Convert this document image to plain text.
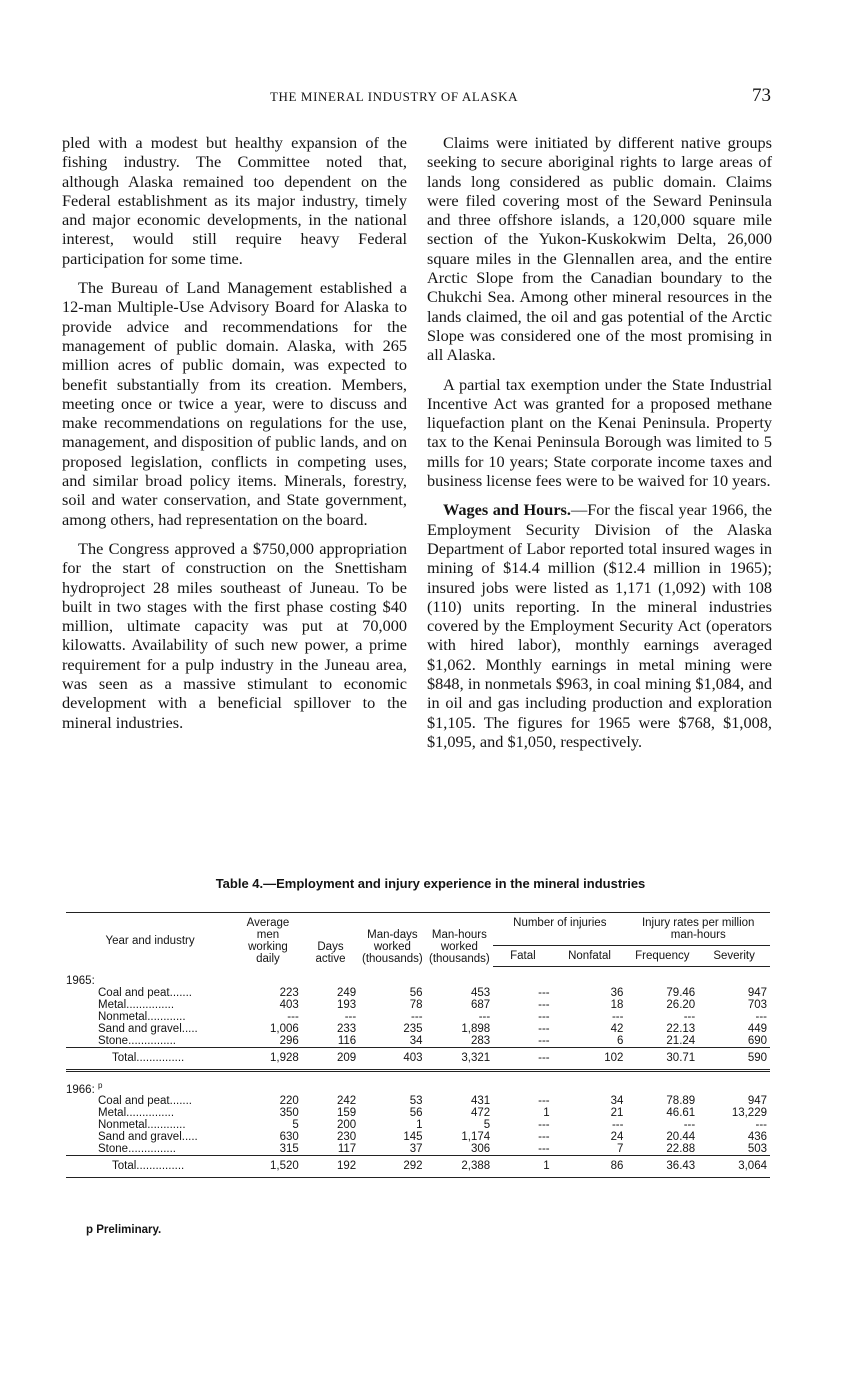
THE MINERAL INDUSTRY OF ALASKA	73

pled with a modest but healthy expansion of the fishing industry. The Committee noted that, although Alaska remained too dependent on the Federal establishment as its major industry, timely and major economic developments, in the national interest, would still require heavy Federal participation for some time.

The Bureau of Land Management established a 12-man Multiple-Use Advisory Board for Alaska to provide advice and recommendations for the management of public domain. Alaska, with 265 million acres of public domain, was expected to benefit substantially from its creation. Members, meeting once or twice a year, were to discuss and make recommendations on regulations for the use, management, and disposition of public lands, and on proposed legislation, conflicts in competing uses, and similar broad policy items. Minerals, forestry, soil and water conservation, and State government, among others, had representation on the board.

The Congress approved a $750,000 appropriation for the start of construction on the Snettisham hydroproject 28 miles southeast of Juneau. To be built in two stages with the first phase costing $40 million, ultimate capacity was put at 70,000 kilowatts. Availability of such new power, a prime requirement for a pulp industry in the Juneau area, was seen as a massive stimulant to economic development with a beneficial spillover to the mineral industries.

Claims were initiated by different native groups seeking to secure aboriginal rights to large areas of lands long considered as public domain. Claims were filed covering most of the Seward Peninsula and three offshore islands, a 120,000 square mile section of the Yukon-Kuskokwim Delta, 26,000 square miles in the Glennallen area, and the entire Arctic Slope from the Canadian boundary to the Chukchi Sea. Among other mineral resources in the lands claimed, the oil and gas potential of the Arctic Slope was considered one of the most promising in all Alaska.

A partial tax exemption under the State Industrial Incentive Act was granted for a proposed methane liquefaction plant on the Kenai Peninsula. Property tax to the Kenai Peninsula Borough was limited to 5 mills for 10 years; State corporate income taxes and business license fees were to be waived for 10 years.

Wages and Hours.—For the fiscal year 1966, the Employment Security Division of the Alaska Department of Labor reported total insured wages in mining of $14.4 million ($12.4 million in 1965); insured jobs were listed as 1,171 (1,092) with 108 (110) units reporting. In the mineral industries covered by the Employment Security Act (operators with hired labor), monthly earnings averaged $1,062. Monthly earnings in metal mining were $848, in nonmetals $963, in coal mining $1,084, and in oil and gas including production and exploration $1,105. The figures for 1965 were $768, $1,008, $1,095, and $1,050, respectively.

Table 4.—Employment and injury experience in the mineral industries
Year and industry	Average men working daily	Days active	Man-days worked (thousands)	Man-hours worked (thousands)	Number of injuries		Injury rates per million man-hours	
					Fatal	Nonfatal	Frequency	Severity
1965:								
Coal and peat.......	223	249	56	453	---	36	79.46	947
Metal...............	403	193	78	687	---	18	26.20	703
Nonmetal............	---	---	---	---	---	---	---	---
Sand and gravel.....	1,006	233	235	1,898	---	42	22.13	449
Stone...............	296	116	34	283	---	6	21.24	690
Total...............	1,928	209	403	3,321	---	102	30.71	590
1966: $^p$
Coal and peat.......	220	242	53	431	---	34	78.89	947
Metal...............	350	159	56	472	1	21	46.61	13,229
Nonmetal............	5	200	1	5	---	---	---	---
Sand and gravel.....	630	230	145	1,174	---	24	20.44	436
Stone...............	315	117	37	306	---	7	22.88	503
Total...............	1,520	192	292	2,388	1	86	36.43	3,064
p Preliminary.
